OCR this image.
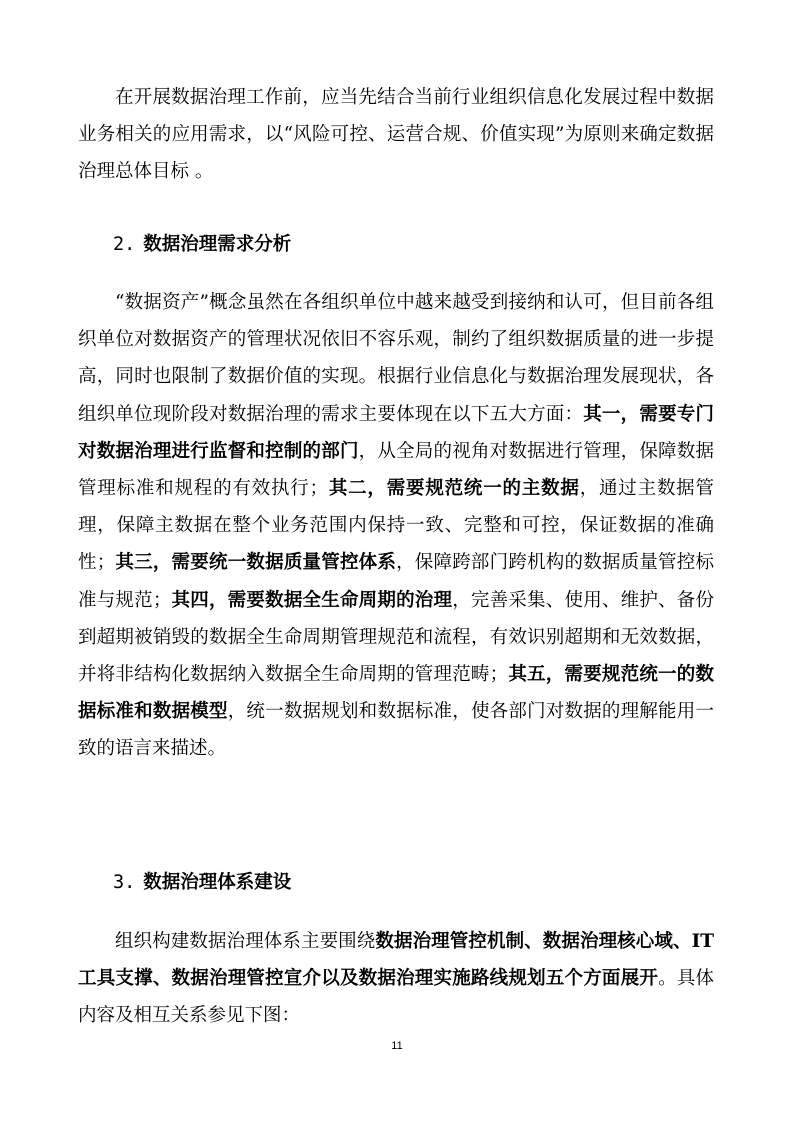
在开展数据治理工作前，应当先结合当前行业组织信息化发展过程中数据业务相关的应用需求，以“风险可控、运营合规、价值实现”为原则来确定数据治理总体目标 。

2. 数据治理需求分析

“数据资产”概念虽然在各组织单位中越来越受到接纳和认可，但目前各组织单位对数据资产的管理状况依旧不容乐观，制约了组织数据质量的进一步提高，同时也限制了数据价值的实现。根据行业信息化与数据治理发展现状，各组织单位现阶段对数据治理的需求主要体现在以下五大方面：其一，需要专门对数据治理进行监督和控制的部门，从全局的视角对数据进行管理，保障数据管理标准和规程的有效执行；其二，需要规范统一的主数据，通过主数据管理，保障主数据在整个业务范围内保持一致、完整和可控，保证数据的准确性；其三，需要统一数据质量管控体系，保障跨部门跨机构的数据质量管控标准与规范；其四，需要数据全生命周期的治理，完善采集、使用、维护、备份到超期被销毁的数据全生命周期管理规范和流程，有效识别超期和无效数据，并将非结构化数据纳入数据全生命周期的管理范畴；其五，需要规范统一的数据标准和数据模型，统一数据规划和数据标准，使各部门对数据的理解能用一致的语言来描述。

3. 数据治理体系建设

组织构建数据治理体系主要围绕数据治理管控机制、数据治理核心域、IT工具支撑、数据治理管控宣介以及数据治理实施路线规划五个方面展开。具体内容及相互关系参见下图：

11
